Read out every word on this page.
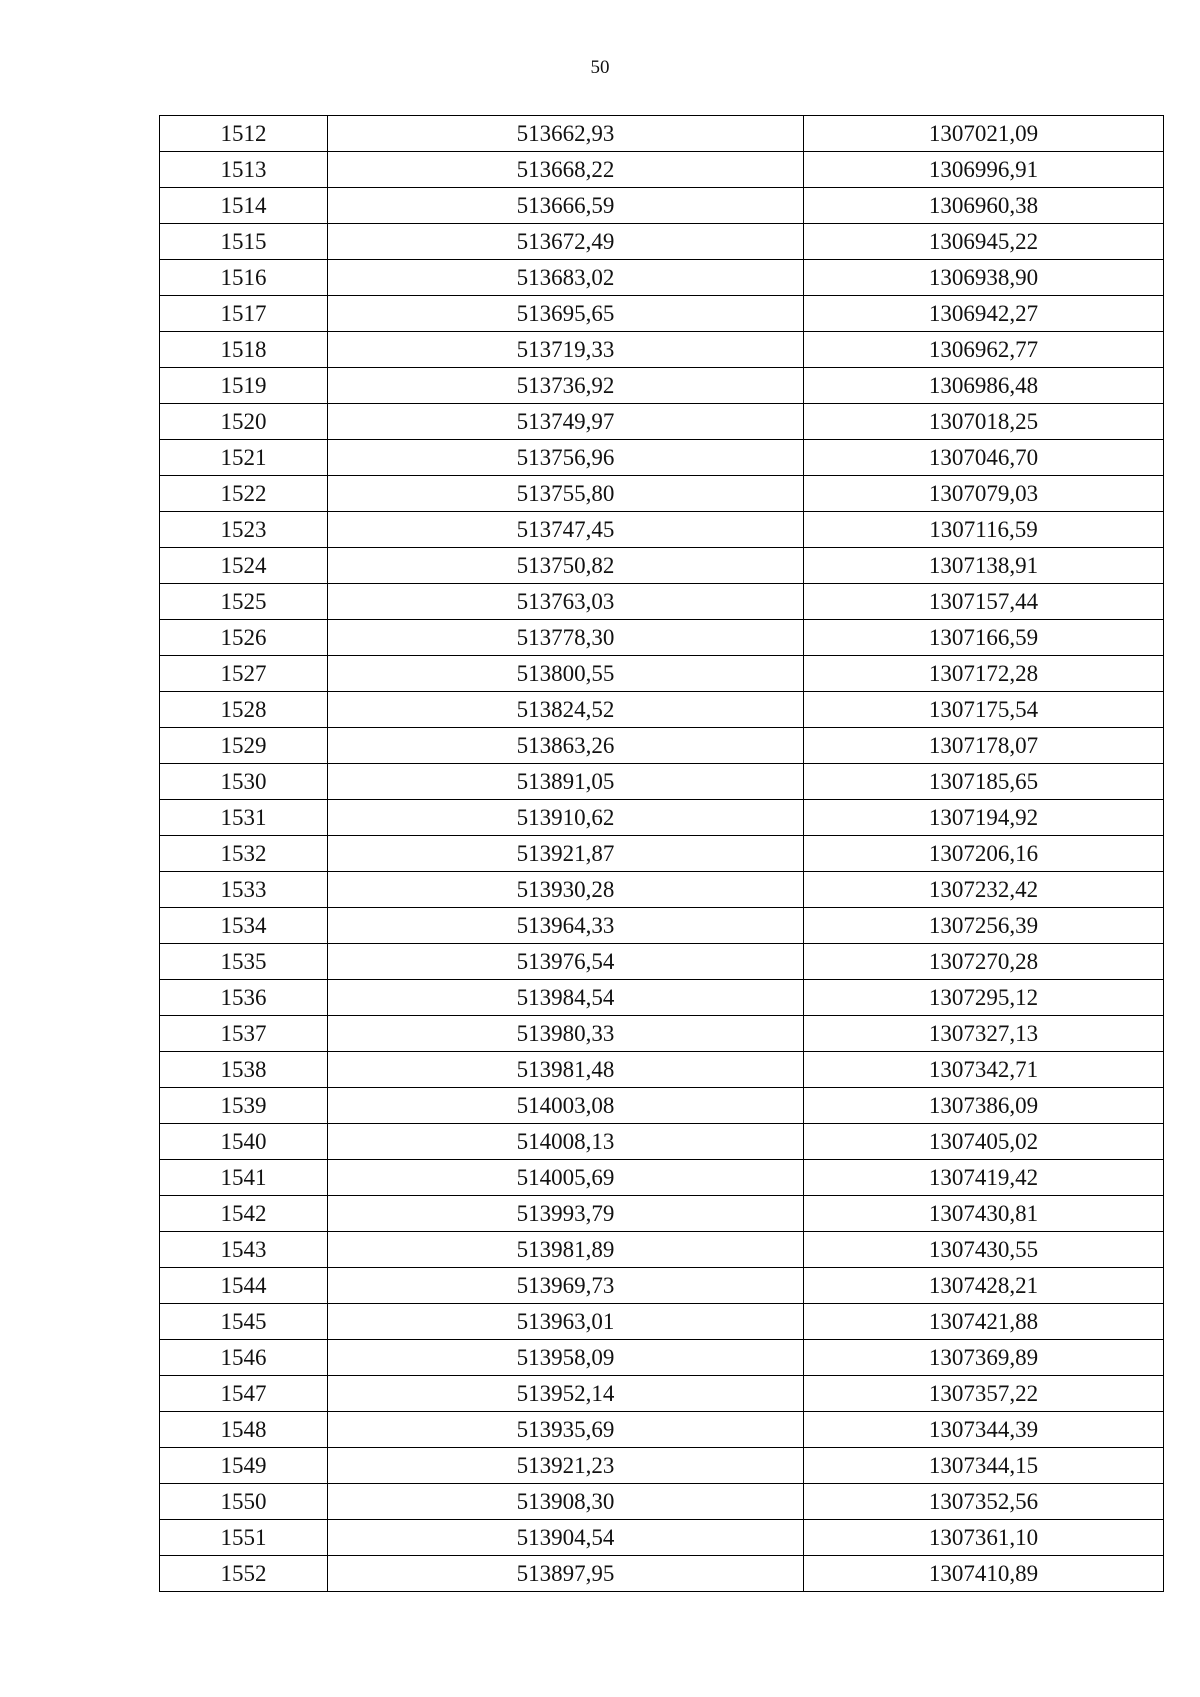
50
1512	513662,93	1307021,09
1513	513668,22	1306996,91
1514	513666,59	1306960,38
1515	513672,49	1306945,22
1516	513683,02	1306938,90
1517	513695,65	1306942,27
1518	513719,33	1306962,77
1519	513736,92	1306986,48
1520	513749,97	1307018,25
1521	513756,96	1307046,70
1522	513755,80	1307079,03
1523	513747,45	1307116,59
1524	513750,82	1307138,91
1525	513763,03	1307157,44
1526	513778,30	1307166,59
1527	513800,55	1307172,28
1528	513824,52	1307175,54
1529	513863,26	1307178,07
1530	513891,05	1307185,65
1531	513910,62	1307194,92
1532	513921,87	1307206,16
1533	513930,28	1307232,42
1534	513964,33	1307256,39
1535	513976,54	1307270,28
1536	513984,54	1307295,12
1537	513980,33	1307327,13
1538	513981,48	1307342,71
1539	514003,08	1307386,09
1540	514008,13	1307405,02
1541	514005,69	1307419,42
1542	513993,79	1307430,81
1543	513981,89	1307430,55
1544	513969,73	1307428,21
1545	513963,01	1307421,88
1546	513958,09	1307369,89
1547	513952,14	1307357,22
1548	513935,69	1307344,39
1549	513921,23	1307344,15
1550	513908,30	1307352,56
1551	513904,54	1307361,10
1552	513897,95	1307410,89
